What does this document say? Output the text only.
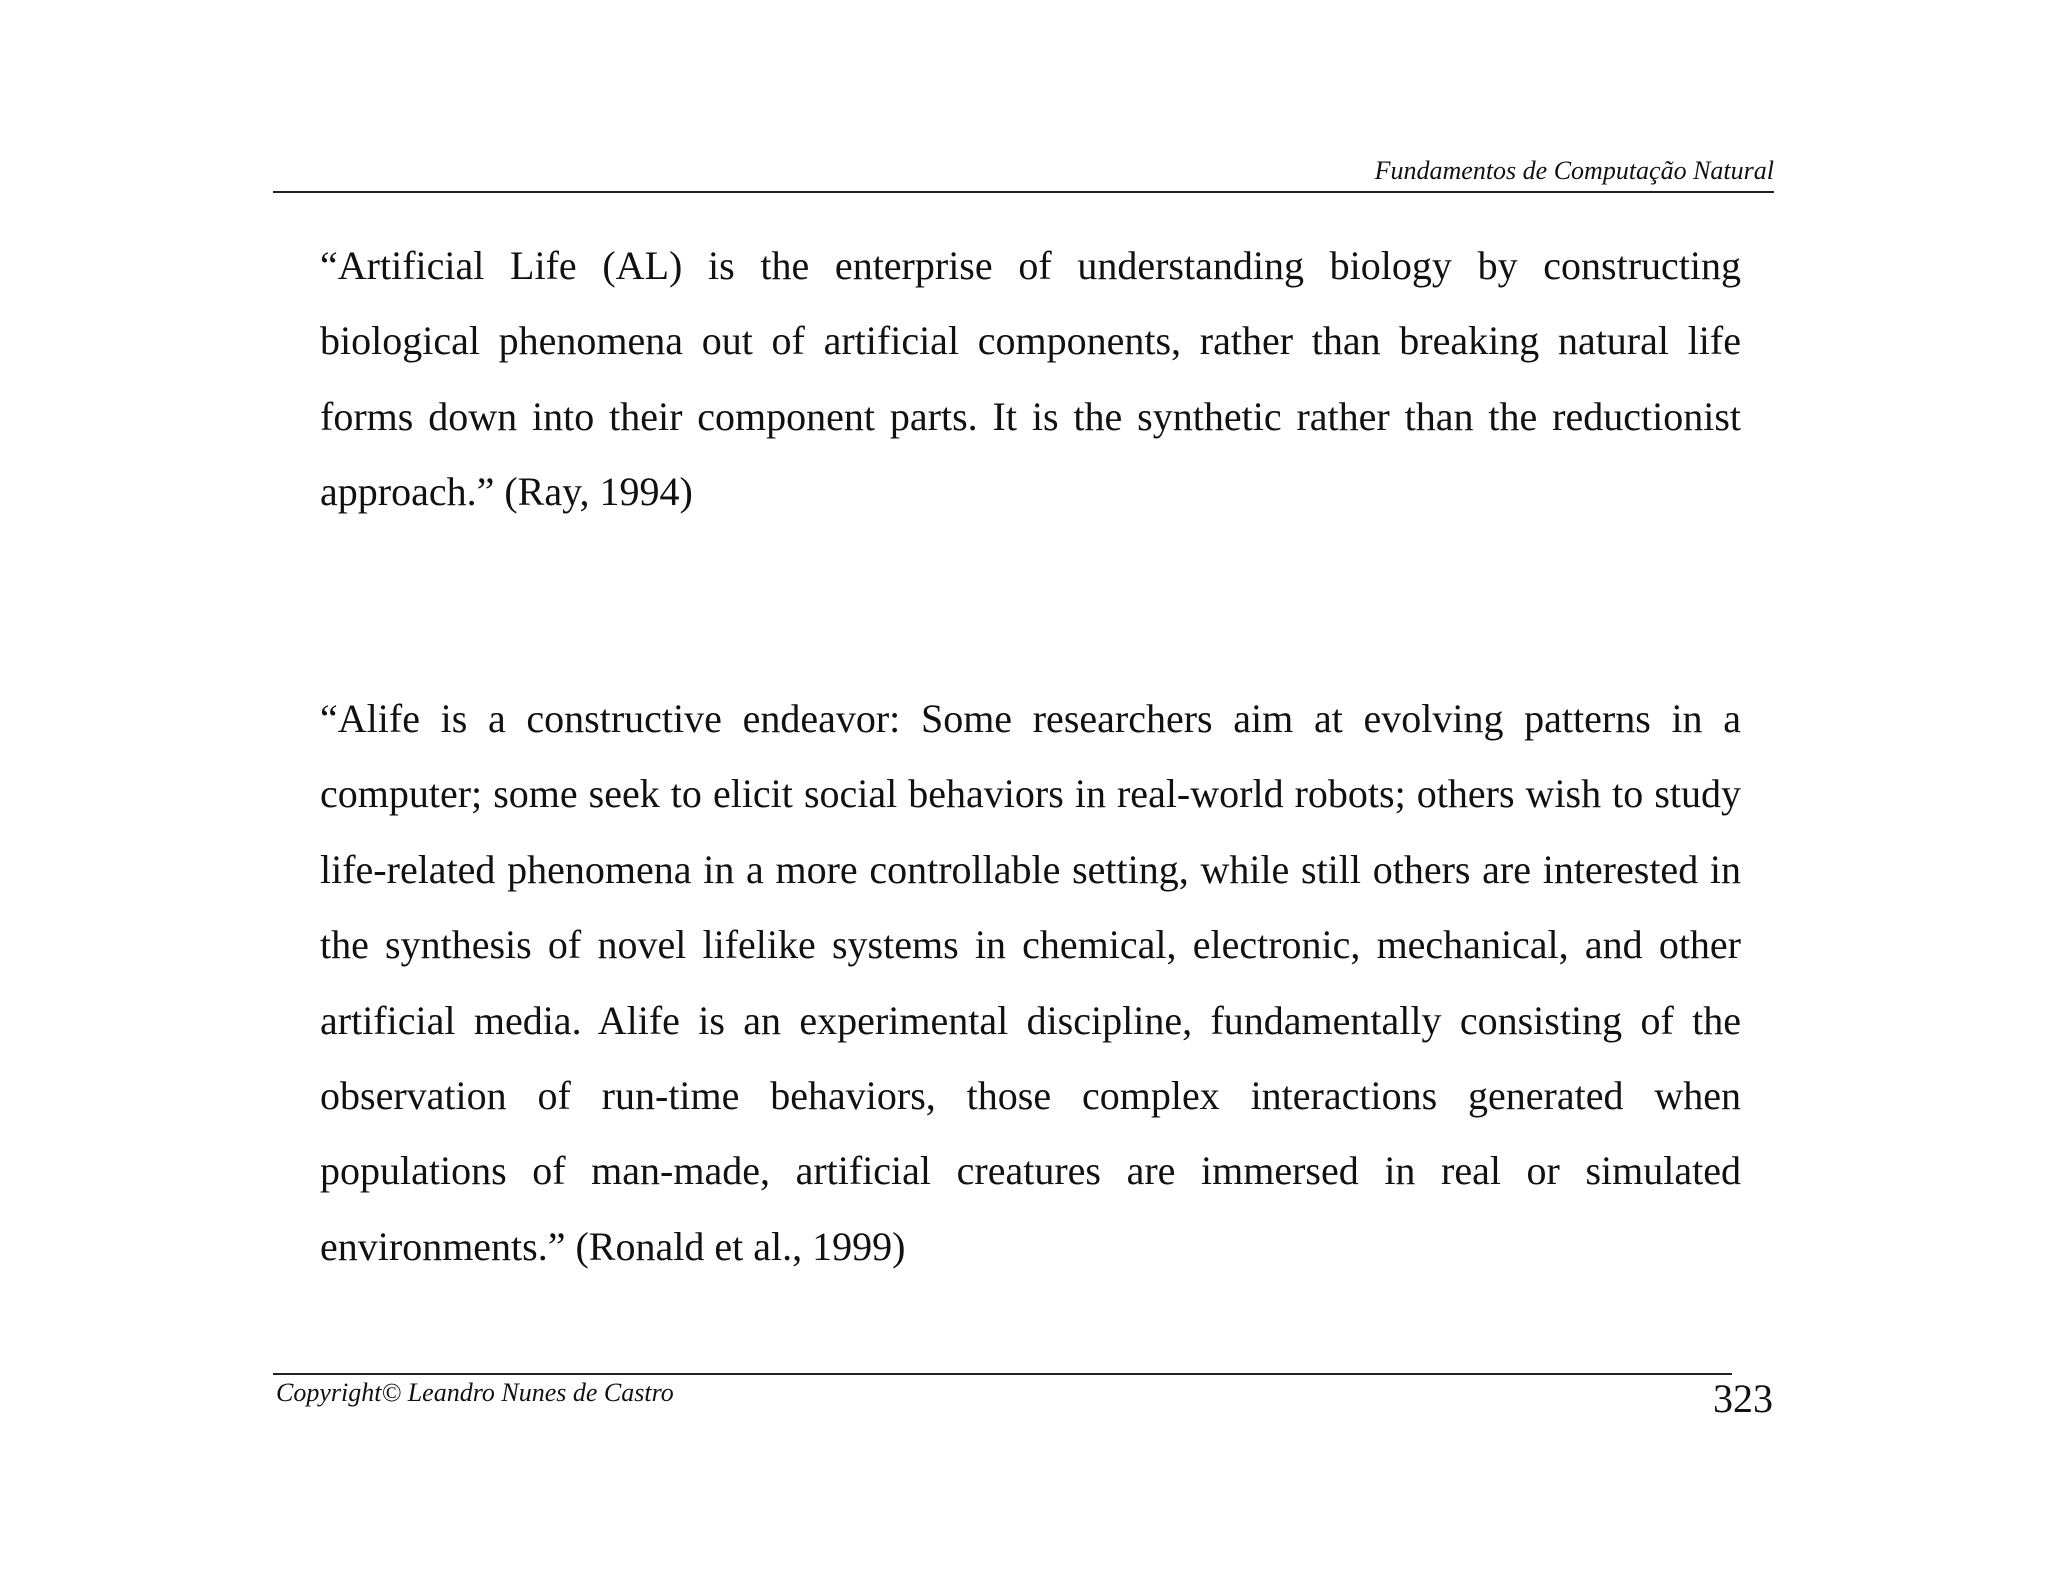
Fundamentos de Computação Natural

“Artificial Life (AL) is the enterprise of understanding biology by constructing biological phenomena out of artificial components, rather than breaking natural life forms down into their component parts. It is the synthetic rather than the reductionist approach.” (Ray, 1994)

“Alife is a constructive endeavor: Some researchers aim at evolving patterns in a computer; some seek to elicit social behaviors in real-world robots; others wish to study life-related phenomena in a more controllable setting, while still others are interested in the synthesis of novel lifelike systems in chemical, electronic, mechanical, and other artificial media. Alife is an experimental discipline, fundamentally consisting of the observation of run-time behaviors, those complex interactions generated when populations of man-made, artificial creatures are immersed in real or simulated environments.” (Ronald et al., 1999)

Copyright© Leandro Nunes de Castro	323
